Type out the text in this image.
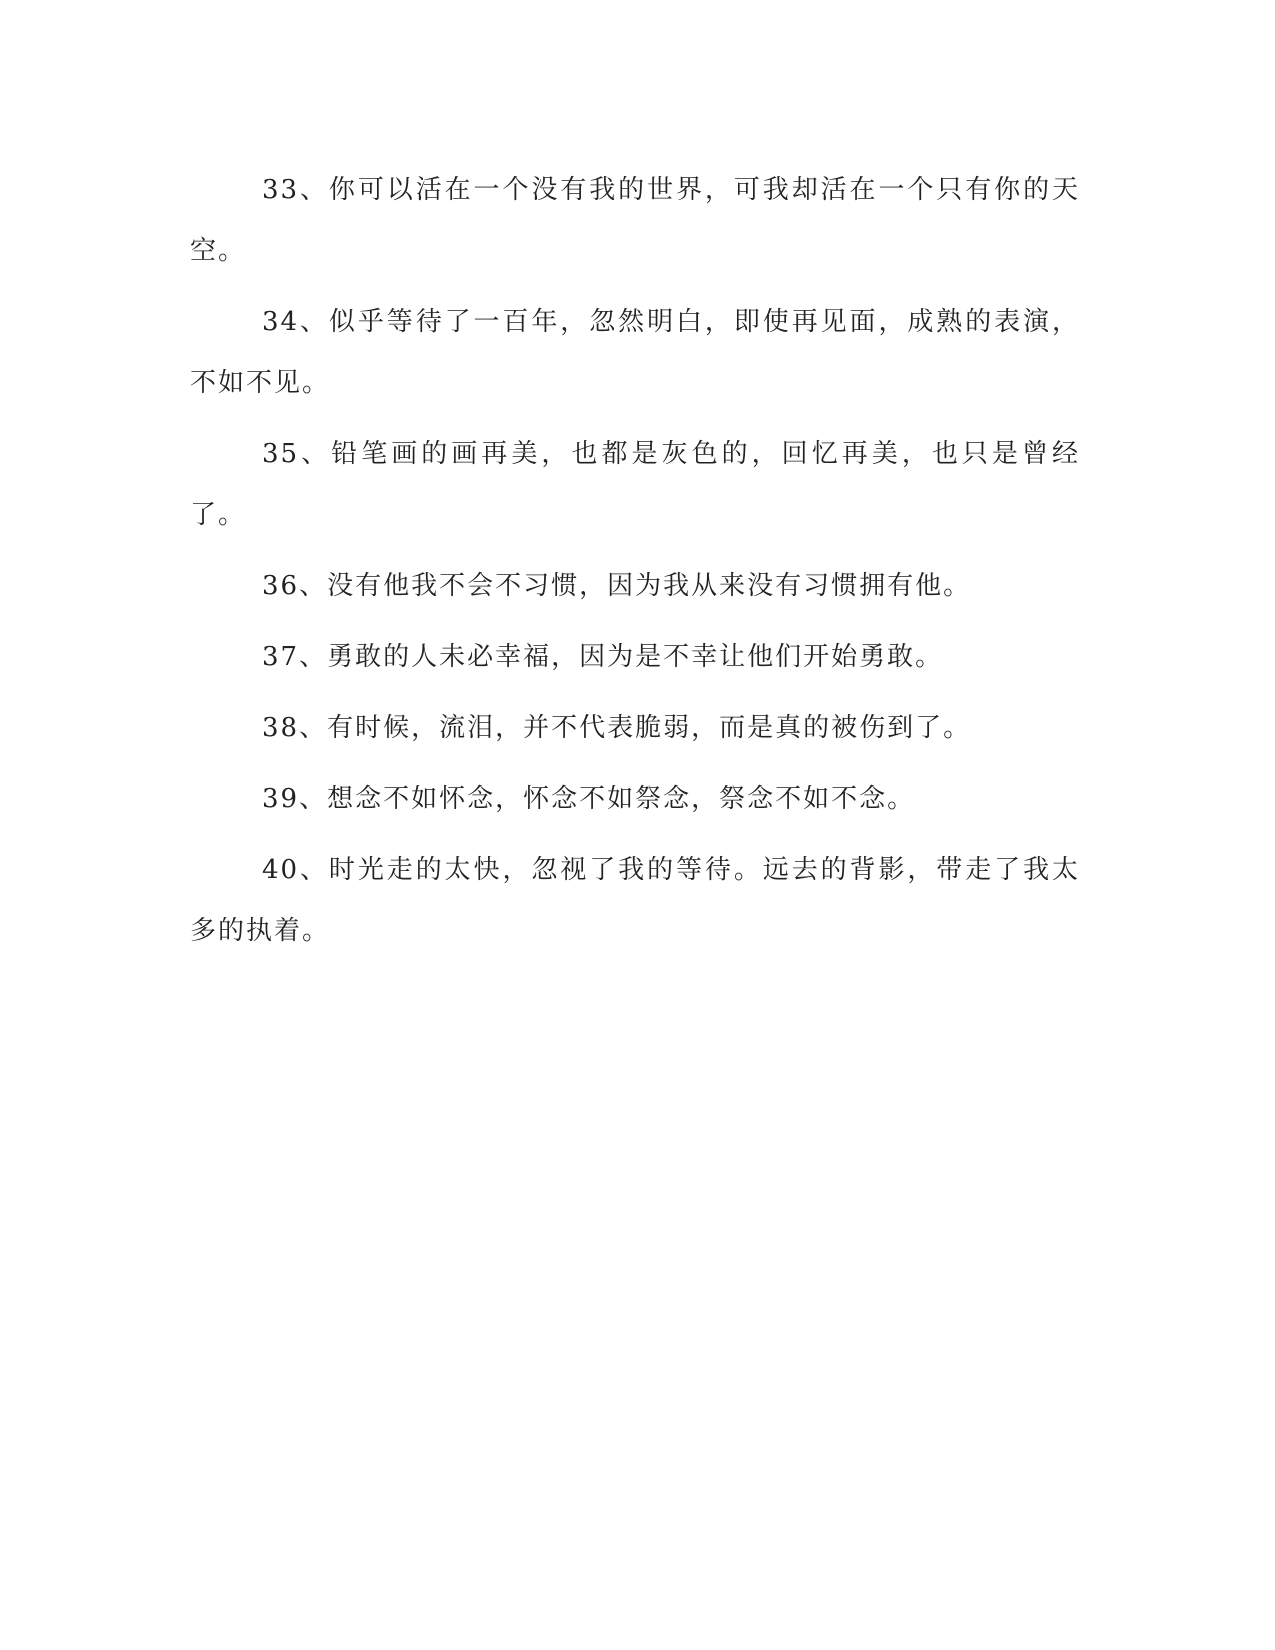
33、你可以活在一个没有我的世界，可我却活在一个只有你的天空。

34、似乎等待了一百年，忽然明白，即使再见面，成熟的表演，不如不见。

35、铅笔画的画再美，也都是灰色的，回忆再美，也只是曾经了。

36、没有他我不会不习惯，因为我从来没有习惯拥有他。

37、勇敢的人未必幸福，因为是不幸让他们开始勇敢。

38、有时候，流泪，并不代表脆弱，而是真的被伤到了。

39、想念不如怀念，怀念不如祭念，祭念不如不念。

40、时光走的太快，忽视了我的等待。远去的背影，带走了我太多的执着。
